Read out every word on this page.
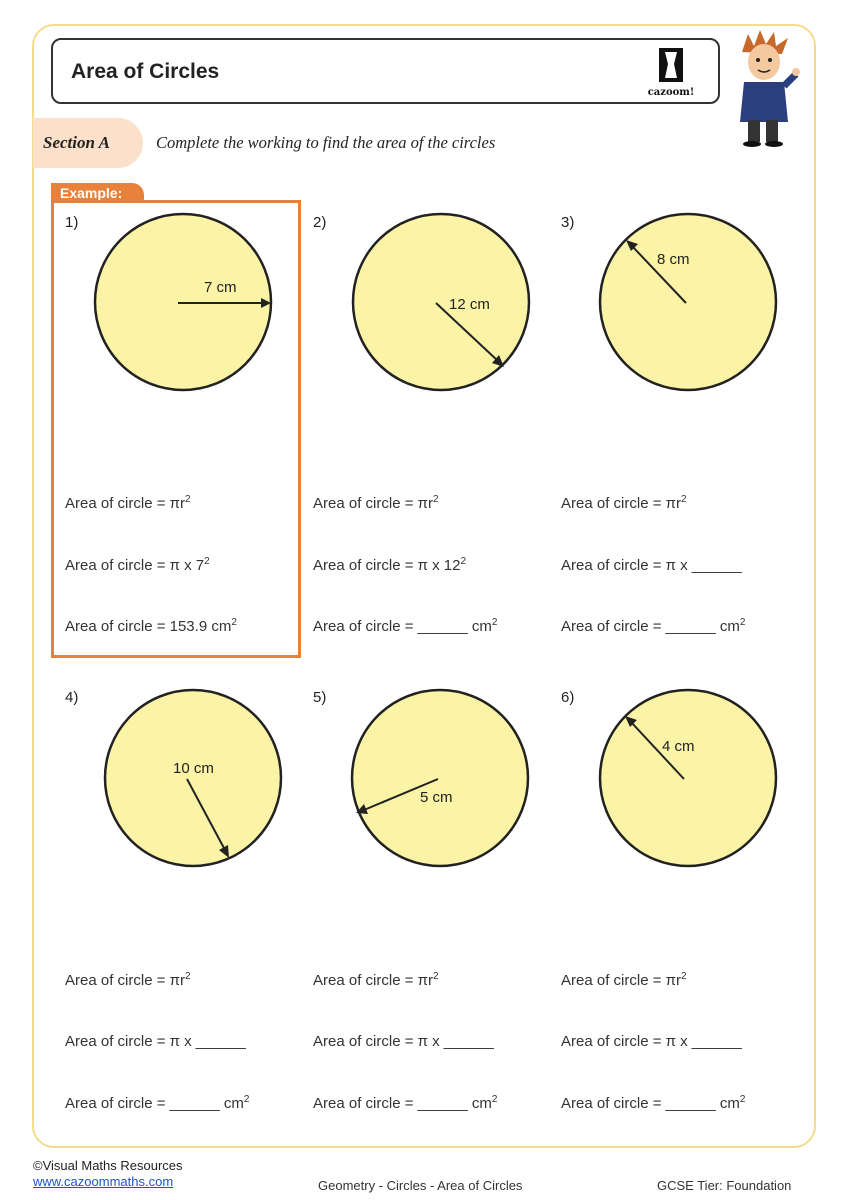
Area of Circles
cazoom!
Section A	Complete the working to find the area of the circles
Example:
1)
7 cm
Area of circle = $\pi r^2$
Area of circle = π x $7^2$
Area of circle = 153.9 $cm^2$
2)
12 cm
Area of circle = $\pi r^2$
Area of circle = π x $12^2$
Area of circle = ______ $cm^2$
3)
8 cm
Area of circle = $\pi r^2$
Area of circle = π x ______
Area of circle = ______ $cm^2$
4)
10 cm
Area of circle = $\pi r^2$
Area of circle = π x ______
Area of circle = ______ $cm^2$
5)
5 cm
Area of circle = $\pi r^2$
Area of circle = π x ______
Area of circle = ______ $cm^2$
6)
4 cm
Area of circle = $\pi r^2$
Area of circle = π x ______
Area of circle = ______ $cm^2$
©Visual Maths Resources
www.cazoommaths.com	Geometry - Circles - Area of Circles	GCSE Tier: Foundation
